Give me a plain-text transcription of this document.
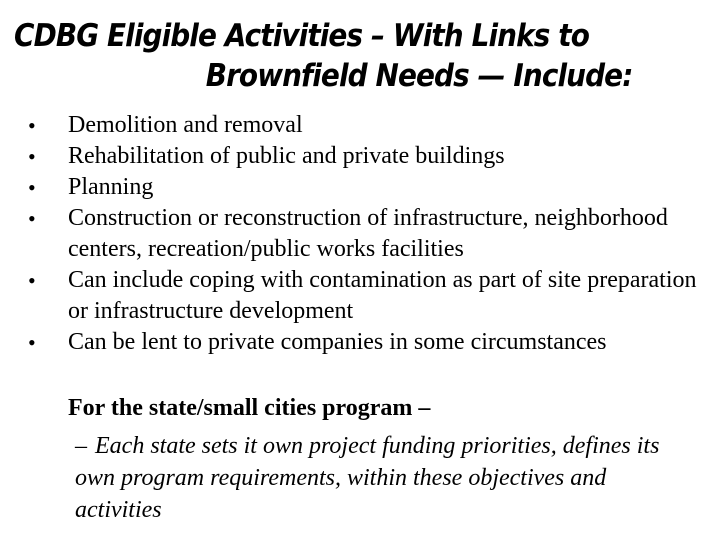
CDBG Eligible Activities – With Links to
Brownfield Needs — Include:
• Demolition and removal
• Rehabilitation of public and private buildings
• Planning
• Construction or reconstruction of infrastructure, neighborhood centers, recreation/public works facilities
• Can include coping with contamination as part of site preparation or infrastructure development
• Can be lent to private companies in some circumstances
For the state/small cities program –
– Each state sets it own project funding priorities, defines its own program requirements, within these objectives and activities
